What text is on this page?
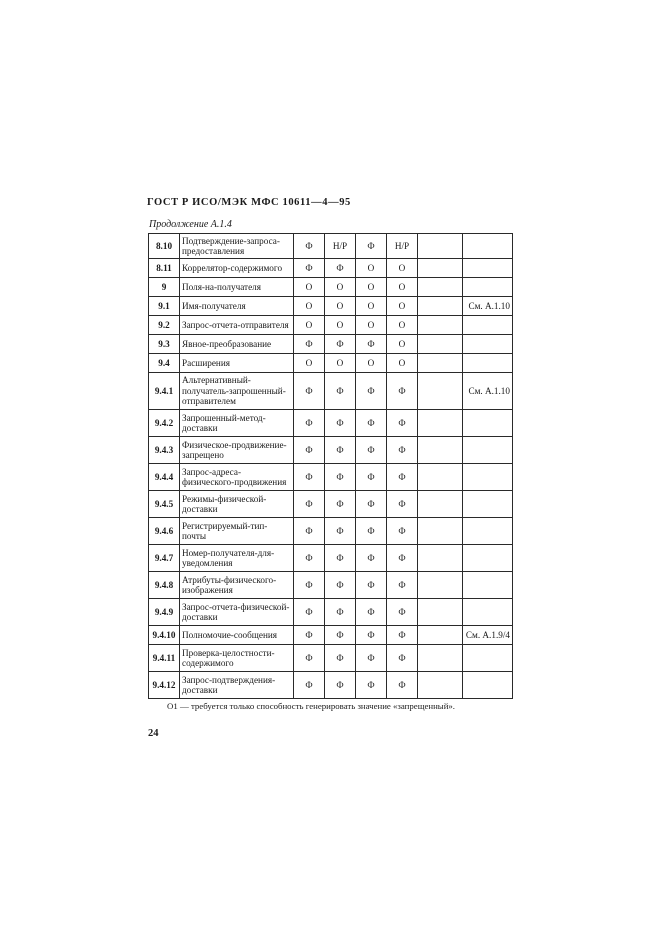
ГОСТ Р ИСО/МЭК МФС 10611—4—95
Продолжение А.1.4
8.10	Подтверждение-запроса-предоставления	Ф	Н/Р	Ф	Н/Р		
8.11	Коррелятор-содержимого	Ф	Ф	О	О		
9	Поля-на-получателя	О	О	О	О		
9.1	Имя-получателя	О	О	О	О		См. А.1.10
9.2	Запрос-отчета-отправителя	О	О	О	О		
9.3	Явное-преобразование	Ф	Ф	Ф	О		
9.4	Расширения	О	О	О	О		
9.4.1	Альтернативный-получатель-запрошенный-отправителем	Ф	Ф	Ф	Ф		См. А.1.10
9.4.2	Запрошенный-метод-доставки	Ф	Ф	Ф	Ф		
9.4.3	Физическое-продвижение-запрещено	Ф	Ф	Ф	Ф		
9.4.4	Запрос-адреса-физического-продвижения	Ф	Ф	Ф	Ф		
9.4.5	Режимы-физической-доставки	Ф	Ф	Ф	Ф		
9.4.6	Регистрируемый-тип-почты	Ф	Ф	Ф	Ф		
9.4.7	Номер-получателя-для-уведомления	Ф	Ф	Ф	Ф		
9.4.8	Атрибуты-физического-изображения	Ф	Ф	Ф	Ф		
9.4.9	Запрос-отчета-физической-доставки	Ф	Ф	Ф	Ф		
9.4.10	Полномочие-сообщения	Ф	Ф	Ф	Ф		См. А.1.9/4
9.4.11	Проверка-целостности-содержимого	Ф	Ф	Ф	Ф		
9.4.12	Запрос-подтверждения-доставки	Ф	Ф	Ф	Ф		
O1 — требуется только способность генерировать значение «запрещенный».
24
